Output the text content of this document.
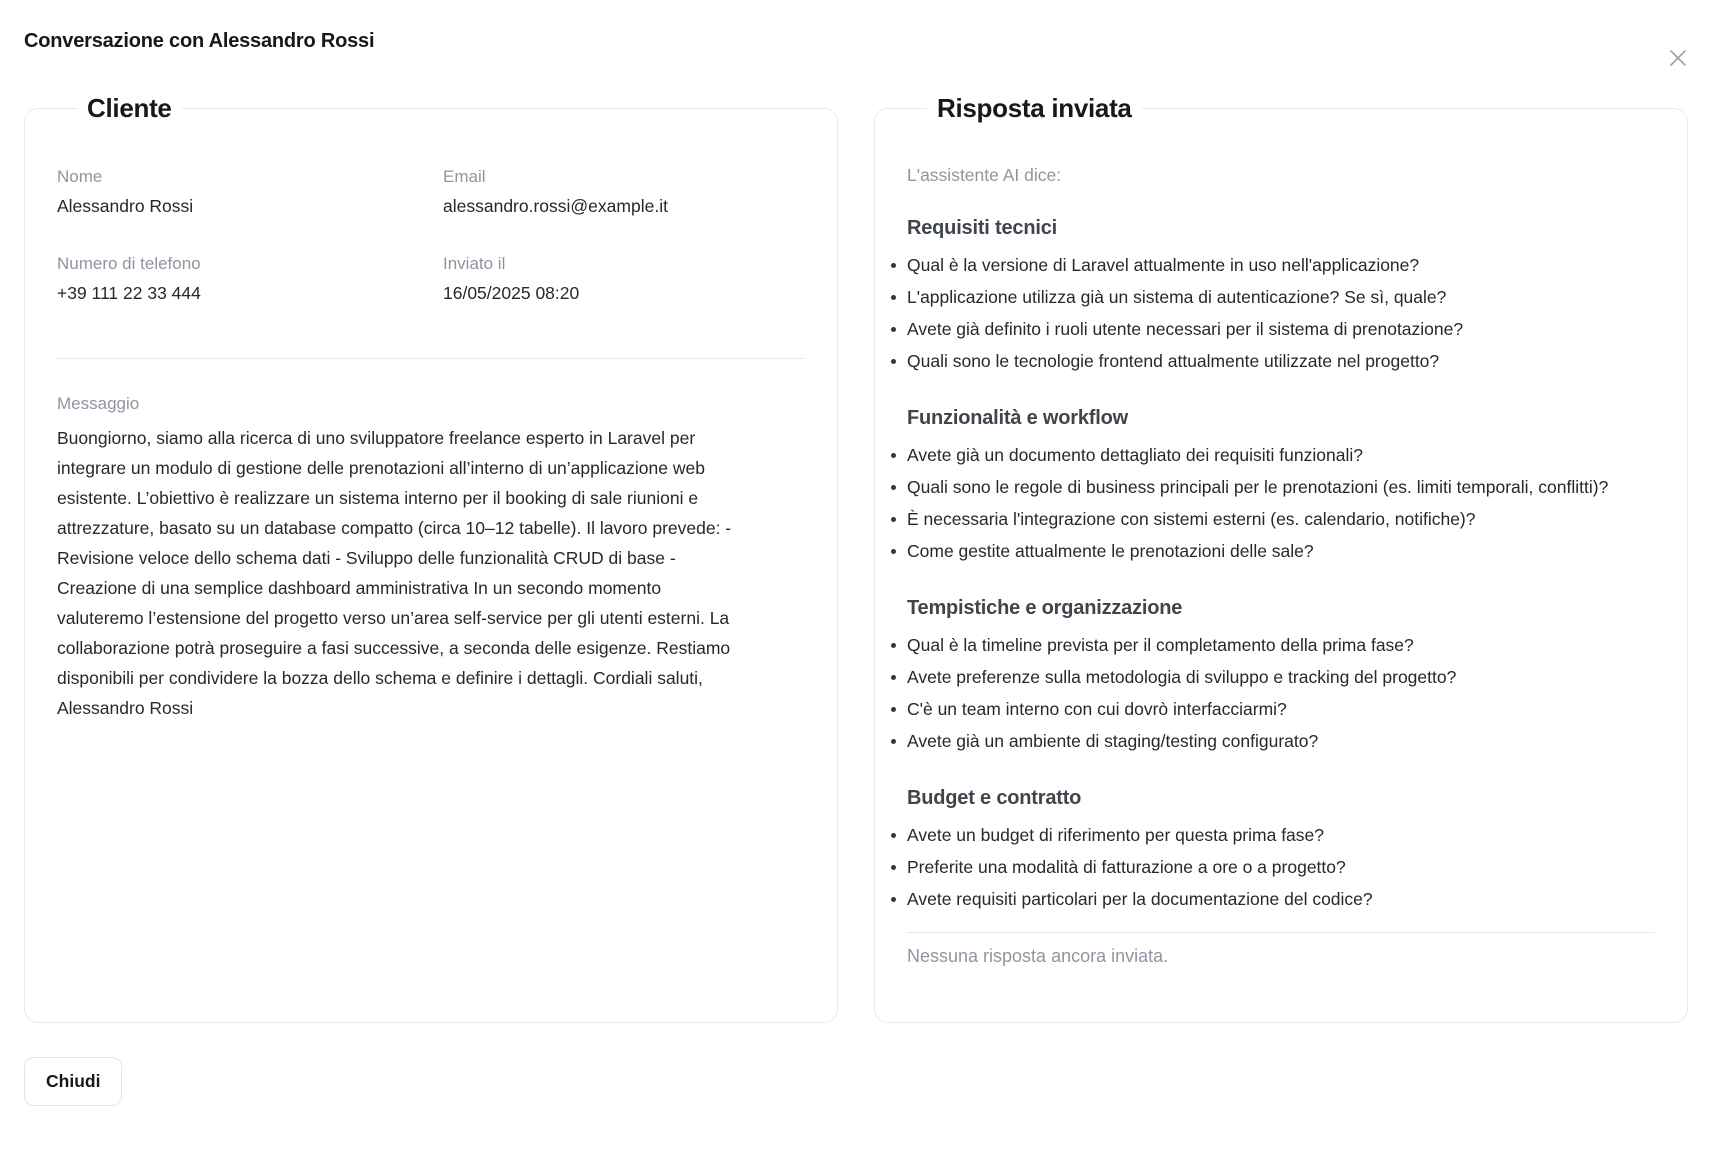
Conversazione con Alessandro Rossi
Cliente
Nome
Alessandro Rossi
Email
alessandro.rossi@example.it
Numero di telefono
+39 111 22 33 444
Inviato il
16/05/2025 08:20
Messaggio
Buongiorno, siamo alla ricerca di uno sviluppatore freelance esperto in Laravel per integrare un modulo di gestione delle prenotazioni all’interno di un’applicazione web esistente. L’obiettivo è realizzare un sistema interno per il booking di sale riunioni e attrezzature, basato su un database compatto (circa 10–12 tabelle). Il lavoro prevede: - Revisione veloce dello schema dati - Sviluppo delle funzionalità CRUD di base - Creazione di una semplice dashboard amministrativa In un secondo momento valuteremo l’estensione del progetto verso un’area self-service per gli utenti esterni. La collaborazione potrà proseguire a fasi successive, a seconda delle esigenze. Restiamo disponibili per condividere la bozza dello schema e definire i dettagli. Cordiali saluti, Alessandro Rossi
Risposta inviata

L'assistente AI dice:

Requisiti tecnici
Qual è la versione di Laravel attualmente in uso nell'applicazione?
L'applicazione utilizza già un sistema di autenticazione? Se sì, quale?
Avete già definito i ruoli utente necessari per il sistema di prenotazione?
Quali sono le tecnologie frontend attualmente utilizzate nel progetto?
Funzionalità e workflow
Avete già un documento dettagliato dei requisiti funzionali?
Quali sono le regole di business principali per le prenotazioni (es. limiti temporali, conflitti)?
È necessaria l'integrazione con sistemi esterni (es. calendario, notifiche)?
Come gestite attualmente le prenotazioni delle sale?
Tempistiche e organizzazione
Qual è la timeline prevista per il completamento della prima fase?
Avete preferenze sulla metodologia di sviluppo e tracking del progetto?
C'è un team interno con cui dovrò interfacciarmi?
Avete già un ambiente di staging/testing configurato?
Budget e contratto
Avete un budget di riferimento per questa prima fase?
Preferite una modalità di fatturazione a ore o a progetto?
Avete requisiti particolari per la documentazione del codice?
Nessuna risposta ancora inviata.
Chiudi
